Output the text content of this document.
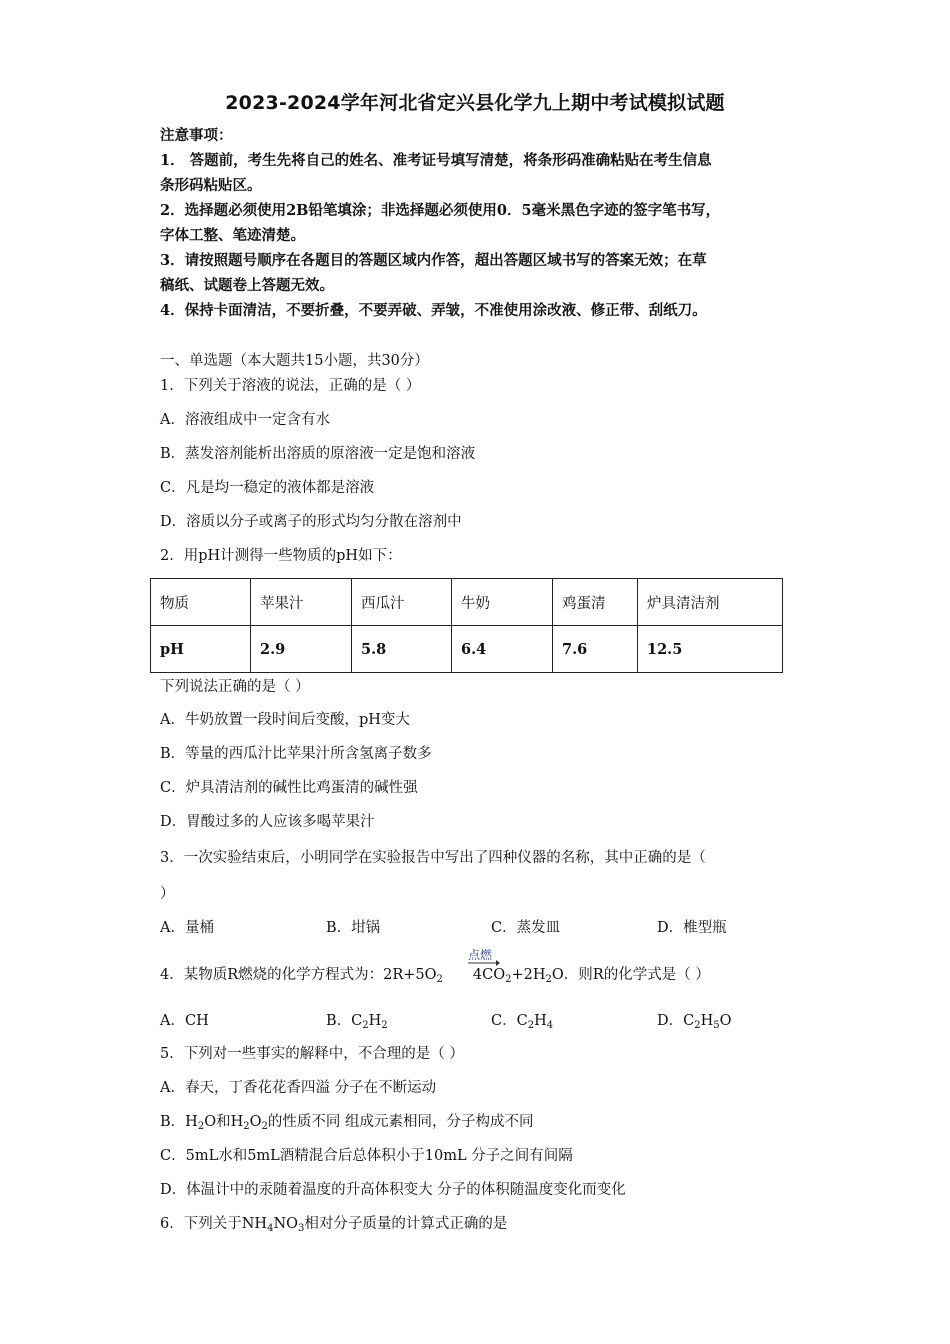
2023-2024学年河北省定兴县化学九上期中考试模拟试题
注意事项：
1． 答题前，考生先将自己的姓名、准考证号填写清楚，将条形码准确粘贴在考生信息
条形码粘贴区。
2．选择题必须使用2B铅笔填涂；非选择题必须使用0．5毫米黑色字迹的签字笔书写，
字体工整、笔迹清楚。
3．请按照题号顺序在各题目的答题区域内作答，超出答题区域书写的答案无效；在草
稿纸、试题卷上答题无效。
4．保持卡面清洁，不要折叠，不要弄破、弄皱，不准使用涂改液、修正带、刮纸刀。
一、单选题（本大题共15小题，共30分）
1．下列关于溶液的说法，正确的是（ ）
A．溶液组成中一定含有水
B．蒸发溶剂能析出溶质的原溶液一定是饱和溶液
C．凡是均一稳定的液体都是溶液
D．溶质以分子或离子的形式均匀分散在溶剂中
2．用pH计测得一些物质的pH如下：
物质	苹果汁	西瓜汁	牛奶	鸡蛋清	炉具清洁剂
pH	2.9	5.8	6.4	7.6	12.5
下列说法正确的是（ ）
A．牛奶放置一段时间后变酸，pH变大
B．等量的西瓜汁比苹果汁所含氢离子数多
C．炉具清洁剂的碱性比鸡蛋清的碱性强
D．胃酸过多的人应该多喝苹果汁
3．一次实验结束后，小明同学在实验报告中写出了四种仪器的名称，其中正确的是（
）
A．量桶	B．坩锅	C．蒸发皿	D．椎型瓶
4．某物质R燃烧的化学方程式为：$2R+5O_2$ $4CO_2+2H_2O$．则R的化学式是（ ）
点燃
A．CH	B．$C_2H_2$	C．$C_2H_4$	D．$C_2H_5O$
5．下列对一些事实的解释中，不合理的是（ ）
A．春天，丁香花花香四溢 分子在不断运动
B．$H_2O$和$H_2O_2$的性质不同 组成元素相同，分子构成不同
C．5mL水和5mL酒精混合后总体积小于10mL 分子之间有间隔
D．体温计中的汞随着温度的升高体积变大 分子的体积随温度变化而变化
6．下列关于$NH_4NO_3$相对分子质量的计算式正确的是
